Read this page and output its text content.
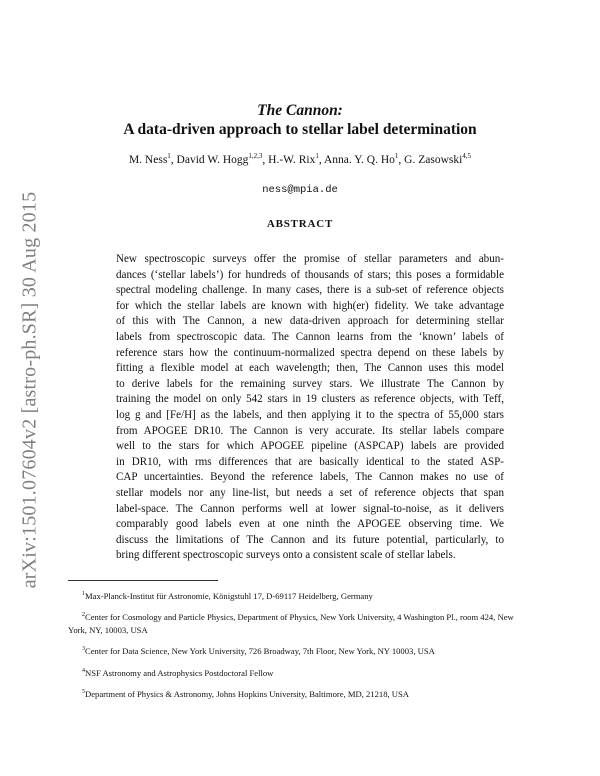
arXiv:1501.07604v2 [astro-ph.SR] 30 Aug 2015
The Cannon:
A data-driven approach to stellar label determination
M. Ness$^1$, David W. Hogg$^{1,2,3}$, H.-W. Rix$^1$, Anna. Y. Q. Ho$^1$, G. Zasowski$^{4,5}$
ness@mpia.de
ABSTRACT
New spectroscopic surveys offer the promise of stellar parameters and abun-
dances (‘stellar labels’) for hundreds of thousands of stars; this poses a formidable
spectral modeling challenge. In many cases, there is a sub-set of reference objects
for which the stellar labels are known with high(er) fidelity. We take advantage
of this with The Cannon, a new data-driven approach for determining stellar
labels from spectroscopic data. The Cannon learns from the ‘known’ labels of
reference stars how the continuum-normalized spectra depend on these labels by
fitting a flexible model at each wavelength; then, The Cannon uses this model
to derive labels for the remaining survey stars. We illustrate The Cannon by
training the model on only 542 stars in 19 clusters as reference objects, with Teff,
log g and [Fe/H] as the labels, and then applying it to the spectra of 55,000 stars
from APOGEE DR10. The Cannon is very accurate. Its stellar labels compare
well to the stars for which APOGEE pipeline (ASPCAP) labels are provided
in DR10, with rms differences that are basically identical to the stated ASP-
CAP uncertainties. Beyond the reference labels, The Cannon makes no use of
stellar models nor any line-list, but needs a set of reference objects that span
label-space. The Cannon performs well at lower signal-to-noise, as it delivers
comparably good labels even at one ninth the APOGEE observing time. We
discuss the limitations of The Cannon and its future potential, particularly, to
bring different spectroscopic surveys onto a consistent scale of stellar labels.
$^1$Max-Planck-Institut für Astronomie, Königstuhl 17, D-69117 Heidelberg, Germany
$^2$Center for Cosmology and Particle Physics, Department of Physics, New York University, 4 Washington Pl., room 424, New York, NY, 10003, USA
$^3$Center for Data Science, New York University, 726 Broadway, 7th Floor, New York, NY 10003, USA
$^4$NSF Astronomy and Astrophysics Postdoctoral Fellow
$^5$Department of Physics & Astronomy, Johns Hopkins University, Baltimore, MD, 21218, USA
